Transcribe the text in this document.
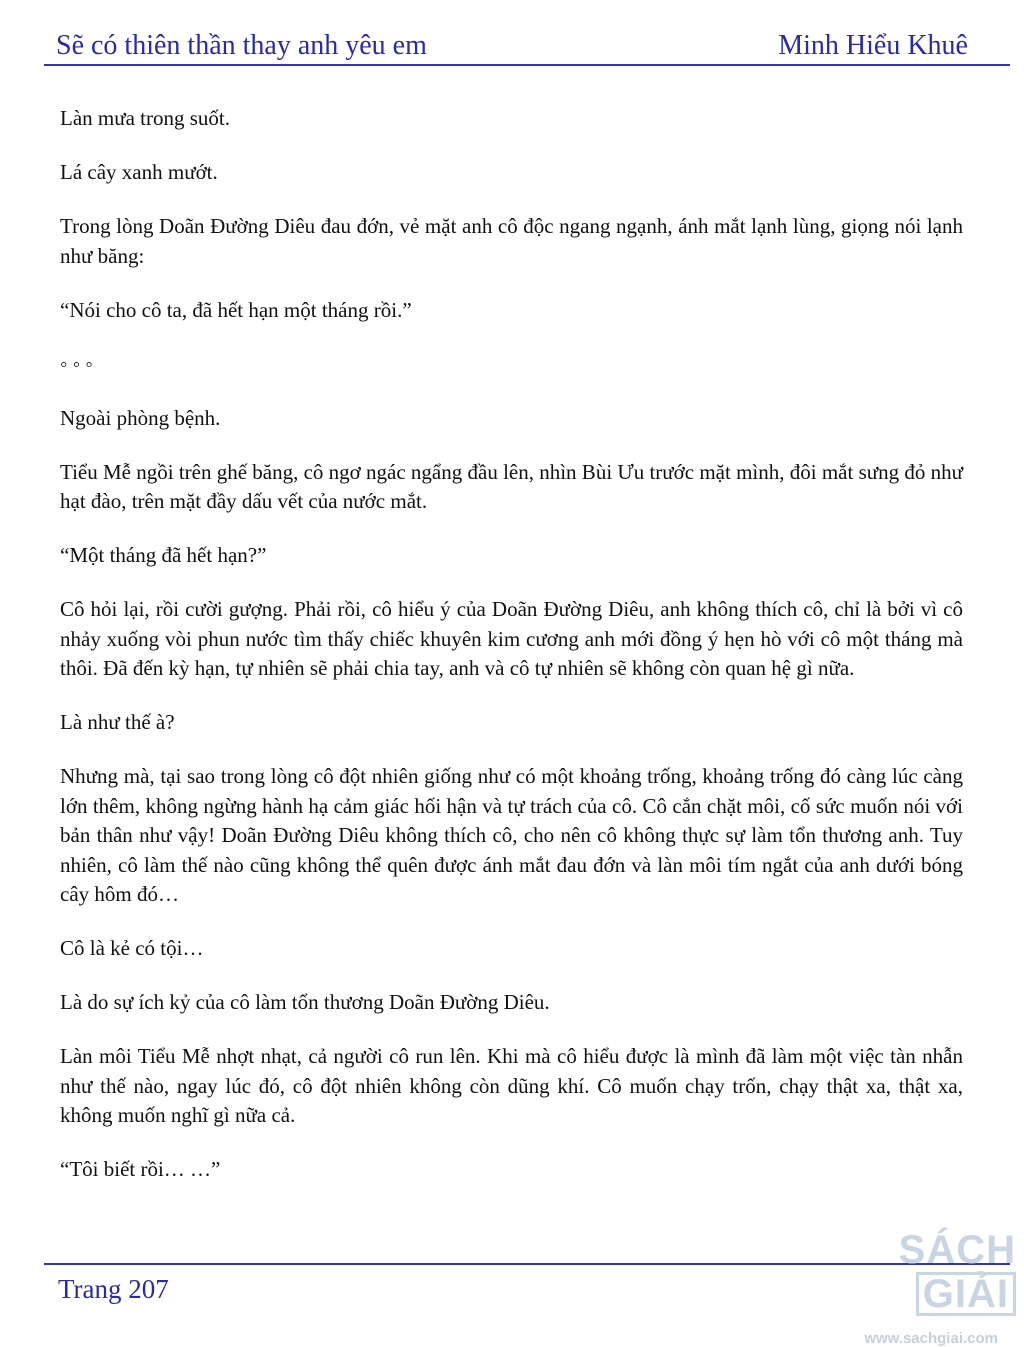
Sẽ có thiên thần thay anh yêu em	Minh Hiểu Khuê

Làn mưa trong suốt.

Lá cây xanh mướt.

Trong lòng Doãn Đường Diêu đau đớn, vẻ mặt anh cô độc ngang ngạnh, ánh mắt lạnh lùng, giọng nói lạnh như băng:

“Nói cho cô ta, đã hết hạn một tháng rồi.”

◦ ◦ ◦

Ngoài phòng bệnh.

Tiểu Mễ ngồi trên ghế băng, cô ngơ ngác ngẩng đầu lên, nhìn Bùi Ưu trước mặt mình, đôi mắt sưng đỏ như hạt đào, trên mặt đầy dấu vết của nước mắt.

“Một tháng đã hết hạn?”

Cô hỏi lại, rồi cười gượng. Phải rồi, cô hiểu ý của Doãn Đường Diêu, anh không thích cô, chỉ là bởi vì cô nhảy xuống vòi phun nước tìm thấy chiếc khuyên kim cương anh mới đồng ý hẹn hò với cô một tháng mà thôi. Đã đến kỳ hạn, tự nhiên sẽ phải chia tay, anh và cô tự nhiên sẽ không còn quan hệ gì nữa.

Là như thế à?

Nhưng mà, tại sao trong lòng cô đột nhiên giống như có một khoảng trống, khoảng trống đó càng lúc càng lớn thêm, không ngừng hành hạ cảm giác hối hận và tự trách của cô. Cô cắn chặt môi, cố sức muốn nói với bản thân như vậy! Doãn Đường Diêu không thích cô, cho nên cô không thực sự làm tổn thương anh. Tuy nhiên, cô làm thế nào cũng không thể quên được ánh mắt đau đớn và làn môi tím ngắt của anh dưới bóng cây hôm đó…

Cô là kẻ có tội…

Là do sự ích kỷ của cô làm tổn thương Doãn Đường Diêu.

Làn môi Tiểu Mễ nhợt nhạt, cả người cô run lên. Khi mà cô hiểu được là mình đã làm một việc tàn nhẫn như thế nào, ngay lúc đó, cô đột nhiên không còn dũng khí. Cô muốn chạy trốn, chạy thật xa, thật xa, không muốn nghĩ gì nữa cả.

“Tôi biết rồi… …”

Trang 207
SÁCHGIẢI
www.sachgiai.com
